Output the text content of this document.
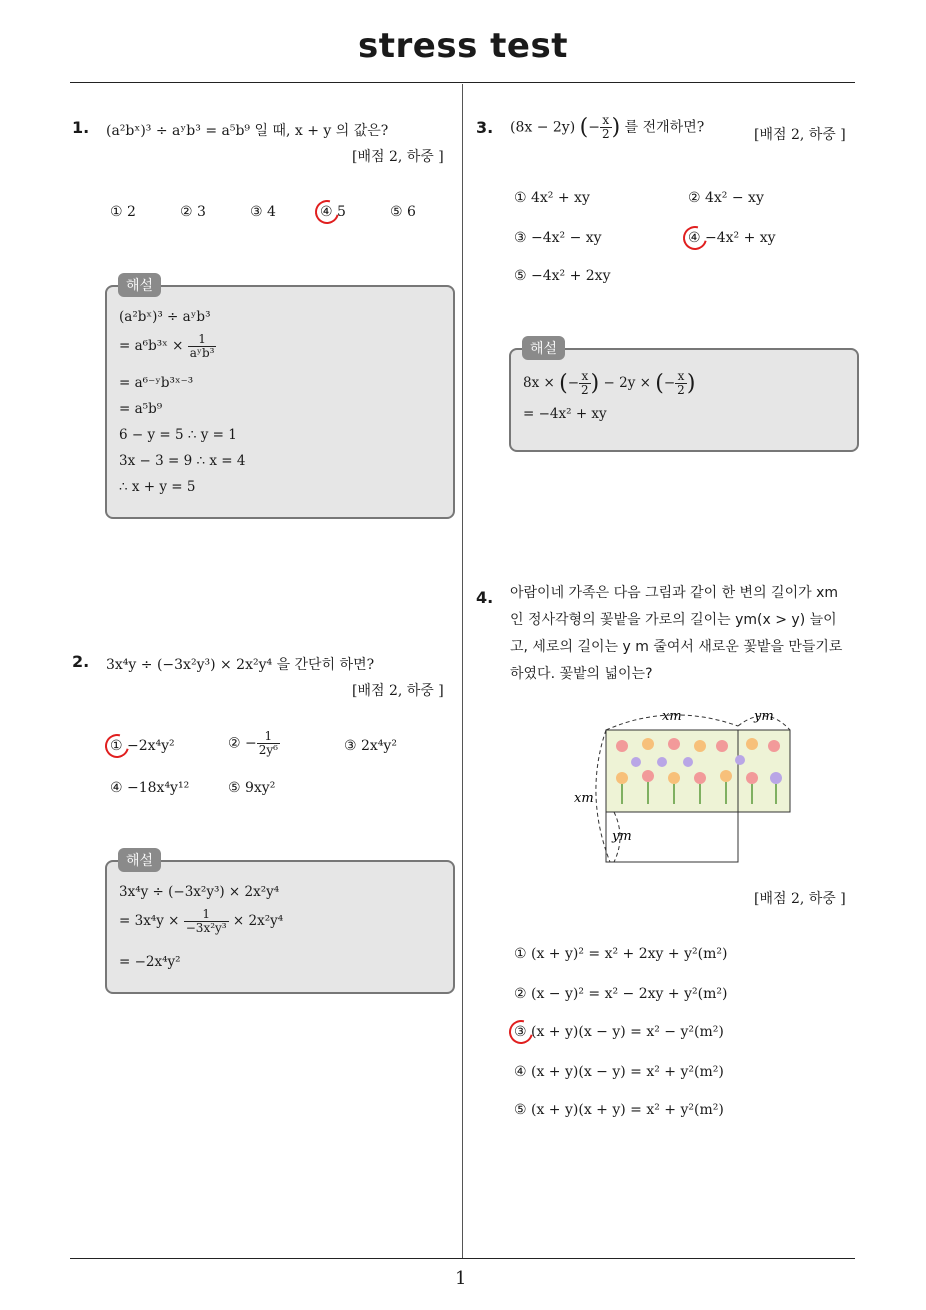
stress test
1
1. (a²bˣ)³ ÷ aʸb³ = a⁵b⁹ 일 때, x + y 의 값은?
[배점 2, 하중 ]
① 2	② 3	③ 4	④ 5	⑤ 6
(a²bˣ)³ ÷ aʸb³
= a⁶b³ˣ × $\frac{1}{\text{aʸb³}}$
= a⁶⁻ʸb³ˣ⁻³
= a⁵b⁹
6 − y = 5 ∴ y = 1
3x − 3 = 9 ∴ x = 4
∴ x + y = 5
해설
2. 3x⁴y ÷ (−3x²y³) × 2x²y⁴ 을 간단히 하면?
[배점 2, 하중 ]
① −2x⁴y²	② − $\frac{1}{\text{2y⁶}}$	③ 2x⁴y²
④ −18x⁴y¹²	⑤ 9xy²
3x⁴y ÷ (−3x²y³) × 2x²y⁴
= $3x^4y \times \frac{1}{\text{−3x²y³}} \times 2x^2y^4$
= −2x⁴y²
해설
3. (8x − 2y) (− $\frac{x}{2}$ ) 를 전개하면?	[배점 2, 하중 ]
① 4x² + xy	② 4x² − xy
③ −4x² − xy	④ −4x² + xy
⑤ −4x² + 2xy
8x × (− $\frac{x}{2}$ ) − 2y × (− $\frac{x}{2}$ )
= −4x² + xy
해설
4. 아람이네 가족은 다음 그림과 같이 한 변의 길이가 xm
인 정사각형의 꽃밭을 가로의 길이는 ym(x > y) 늘이
고, 세로의 길이는 y m 줄여서 새로운 꽃밭을 만들기로
하였다. 꽃밭의 넓이는?
xm	ym
xm
ym
[배점 2, 하중 ]
① (x + y)² = x² + 2xy + y²(m²)
② (x − y)² = x² − 2xy + y²(m²)
③ (x + y)(x − y) = x² − y²(m²)
④ (x + y)(x − y) = x² + y²(m²)
⑤ (x + y)(x + y) = x² + y²(m²)
